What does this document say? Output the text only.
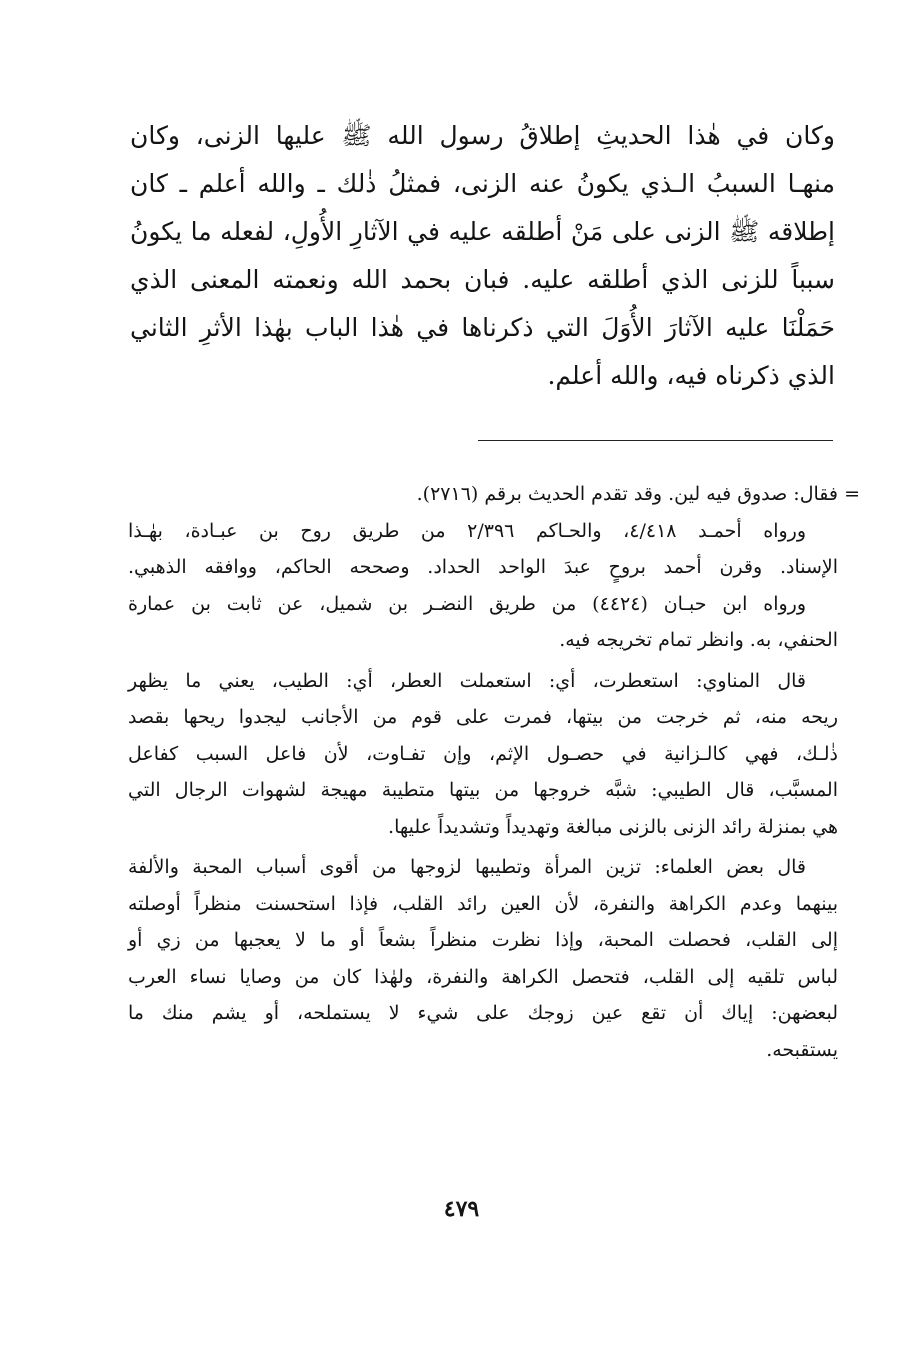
وكان في هٰذا الحديثِ إطلاقُ رسول الله ﷺ عليها الزنى، وكان
منهـا السببُ الـذي يكونُ عنه الزنى، فمثلُ ذٰلك ـ والله أعلم ـ كان
إطلاقه ﷺ الزنى على مَنْ أطلقه عليه في الآثارِ الأُولِ، لفعله ما يكونُ
سبباً للزنى الذي أطلقه عليه. فبان بحمد الله ونعمته المعنى الذي
حَمَلْنَا عليه الآثارَ الأُوَلَ التي ذكرناها في هٰذا الباب بهٰذا الأثرِ الثاني
الذي ذكرناه فيه، والله أعلم.
=
فقال: صدوق فيه لين. وقد تقدم الحديث برقم (٢٧١٦).
ورواه أحمـد ٤/٤١٨، والحـاكم ٢/٣٩٦ من طريق روح بن عبـادة، بهٰـذا
الإسناد. وقرن أحمد بروحٍ عبدَ الواحد الحداد. وصححه الحاكم، ووافقه الذهبي.
ورواه ابن حبـان (٤٤٢٤) من طريق النضـر بن شميل، عن ثابت بن عمارة
الحنفي، به. وانظر تمام تخريجه فيه.
قال المناوي: استعطرت، أي: استعملت العطر، أي: الطيب، يعني ما يظهر
ريحه منه، ثم خرجت من بيتها، فمرت على قوم من الأجانب ليجدوا ريحها بقصد
ذٰلـك، فهي كالـزانية في حصـول الإثم، وإن تفـاوت، لأن فاعل السبب كفاعل
المسبَّب، قال الطيبي: شبَّه خروجها من بيتها متطيبة مهيجة لشهوات الرجال التي
هي بمنزلة رائد الزنى بالزنى مبالغة وتهديداً وتشديداً عليها.
قال بعض العلماء: تزين المرأة وتطيبها لزوجها من أقوى أسباب المحبة والألفة
بينهما وعدم الكراهة والنفرة، لأن العين رائد القلب، فإذا استحسنت منظراً أوصلته
إلى القلب، فحصلت المحبة، وإذا نظرت منظراً بشعاً أو ما لا يعجبها من زي أو
لباس تلقيه إلى القلب، فتحصل الكراهة والنفرة، ولهٰذا كان من وصايا نساء العرب
لبعضهن: إياك أن تقع عين زوجك على شيء لا يستملحه، أو يشم منك ما
يستقبحه.
٤٧٩
